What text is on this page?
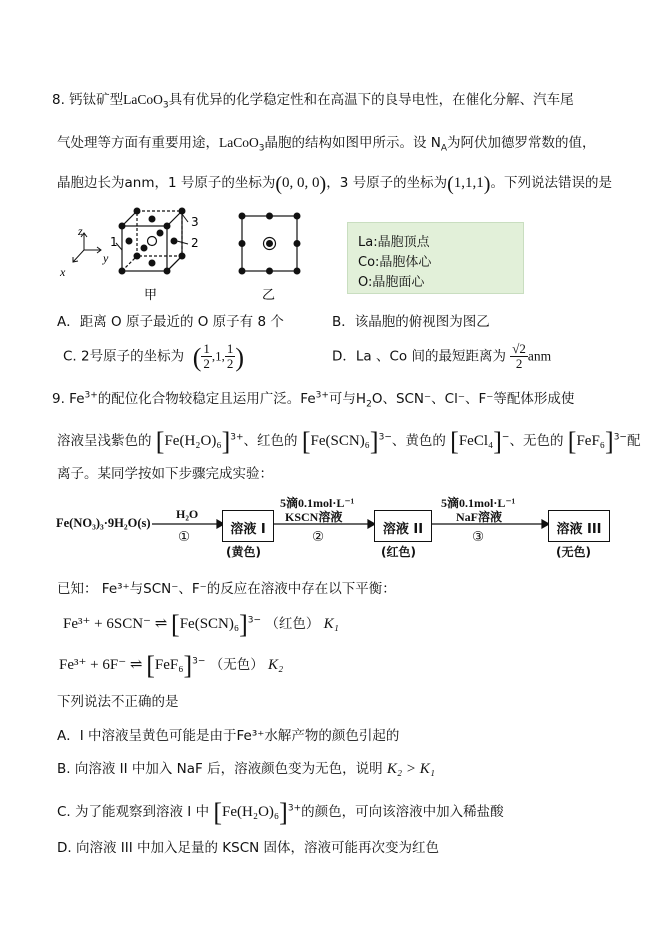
8. 钙钛矿型LaCoO$_3$具有优异的化学稳定性和在高温下的良导电性，在催化分解、汽车尾
气处理等方面有重要用途，LaCoO$_3$晶胞的结构如图甲所示。设 $N_A$为阿伏加德罗常数的值，
晶胞边长为anm，1 号原子的坐标为(0, 0, 0)，3 号原子的坐标为(1,1,1)。下列说法错误的是
z
y
x
3
2
1
甲	乙
La:晶胞顶点
Co:晶胞体心
O:晶胞面心
A．距离 O 原子最近的 O 原子有 8 个	B．该晶胞的俯视图为图乙
C. 2号原子的坐标为 ( $\frac{1}{2} ,1$, $\frac{1}{2}$ )	D．La 、Co 间的最短距离为 $\frac{√2}{2}$ anm
9. $Fe^{3+}$的配位化合物较稳定且运用广泛。$Fe^{3+}$可与$H_2O$、SCN⁻、Cl⁻、F⁻等配体形成使
溶液呈浅紫色的 $[Fe(H_2O)_6]^{3+}$、红色的 $[Fe(SCN)_6]^{3-}$、黄色的 [FeCl₄]−、无色的 $[FeF_6]^{3-}$配
离子。某同学按如下步骤完成实验：
Fe(NO₃)₃·9H₂O(s)
H₂O
①	溶液 I
(黄色)
5滴0.1mol·L⁻¹
KSCN溶液
②	溶液 II
(红色)
5滴0.1mol·L⁻¹
NaF溶液
③	溶液 III
(无色)
已知： Fe³⁺与SCN⁻、F⁻的反应在溶液中存在以下平衡：
Fe³⁺ + 6SCN⁻ ⇌ $[Fe(SCN)_6]^{3-}$ （红色） K₁
Fe³⁺ + 6F⁻ ⇌ $[FeF_6]^{3-}$ （无色） K₂
下列说法不正确的是
A．I 中溶液呈黄色可能是由于Fe³⁺水解产物的颜色引起的
B. 向溶液 II 中加入 NaF 后，溶液颜色变为无色，说明 K₂ > K₁
C. 为了能观察到溶液 I 中 $[Fe(H_2O)_6]^{3+}$的颜色，可向该溶液中加入稀盐酸
D. 向溶液 III 中加入足量的 KSCN 固体，溶液可能再次变为红色
